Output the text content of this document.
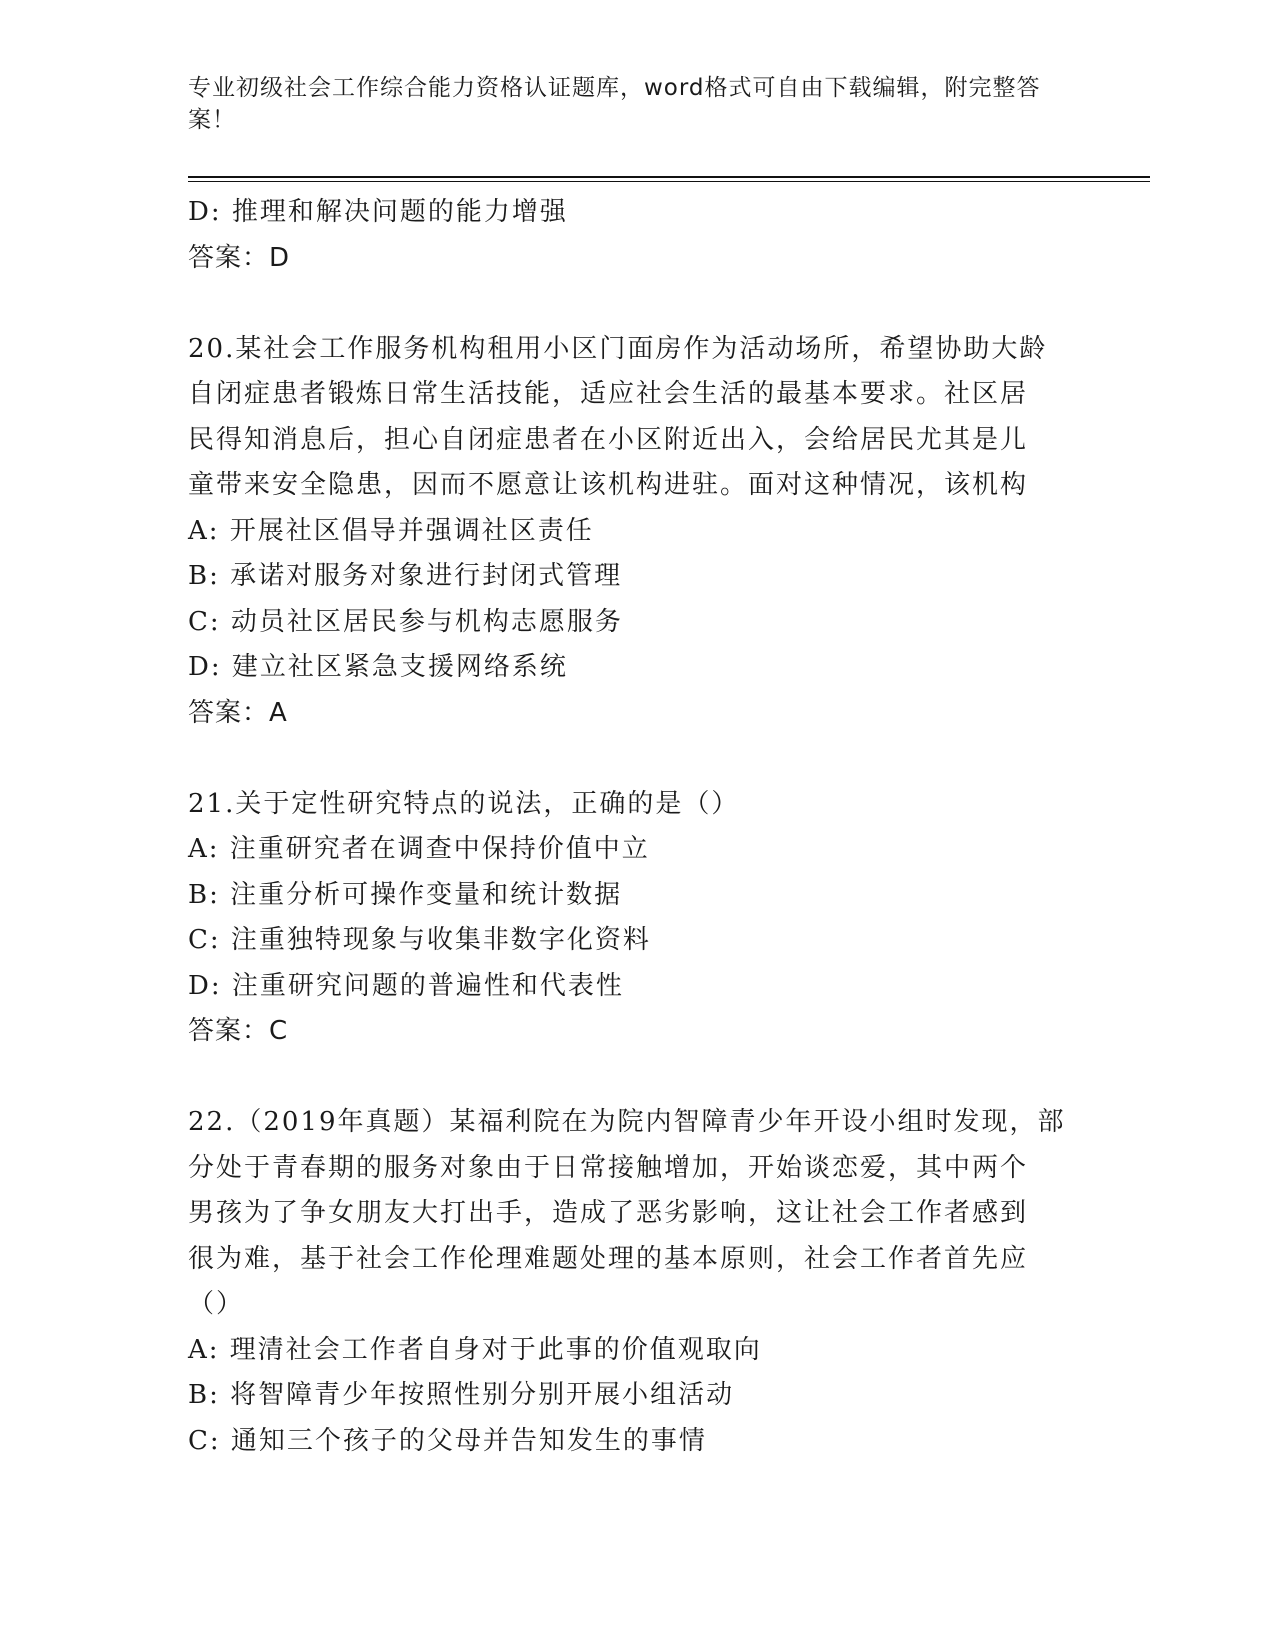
专业初级社会工作综合能力资格认证题库，word格式可自由下载编辑，附完整答
案！
D: 推理和解决问题的能力增强
答案：D
20.某社会工作服务机构租用小区门面房作为活动场所，希望协助大龄
自闭症患者锻炼日常生活技能，适应社会生活的最基本要求。社区居
民得知消息后，担心自闭症患者在小区附近出入，会给居民尤其是儿
童带来安全隐患，因而不愿意让该机构进驻。面对这种情况，该机构
A: 开展社区倡导并强调社区责任
B: 承诺对服务对象进行封闭式管理
C: 动员社区居民参与机构志愿服务
D: 建立社区紧急支援网络系统
答案：A
21.关于定性研究特点的说法，正确的是（）
A: 注重研究者在调查中保持价值中立
B: 注重分析可操作变量和统计数据
C: 注重独特现象与收集非数字化资料
D: 注重研究问题的普遍性和代表性
答案：C
22.（2019年真题）某福利院在为院内智障青少年开设小组时发现，部
分处于青春期的服务对象由于日常接触增加，开始谈恋爱，其中两个
男孩为了争女朋友大打出手，造成了恶劣影响，这让社会工作者感到
很为难，基于社会工作伦理难题处理的基本原则，社会工作者首先应
（）
A: 理清社会工作者自身对于此事的价值观取向
B: 将智障青少年按照性别分别开展小组活动
C: 通知三个孩子的父母并告知发生的事情
